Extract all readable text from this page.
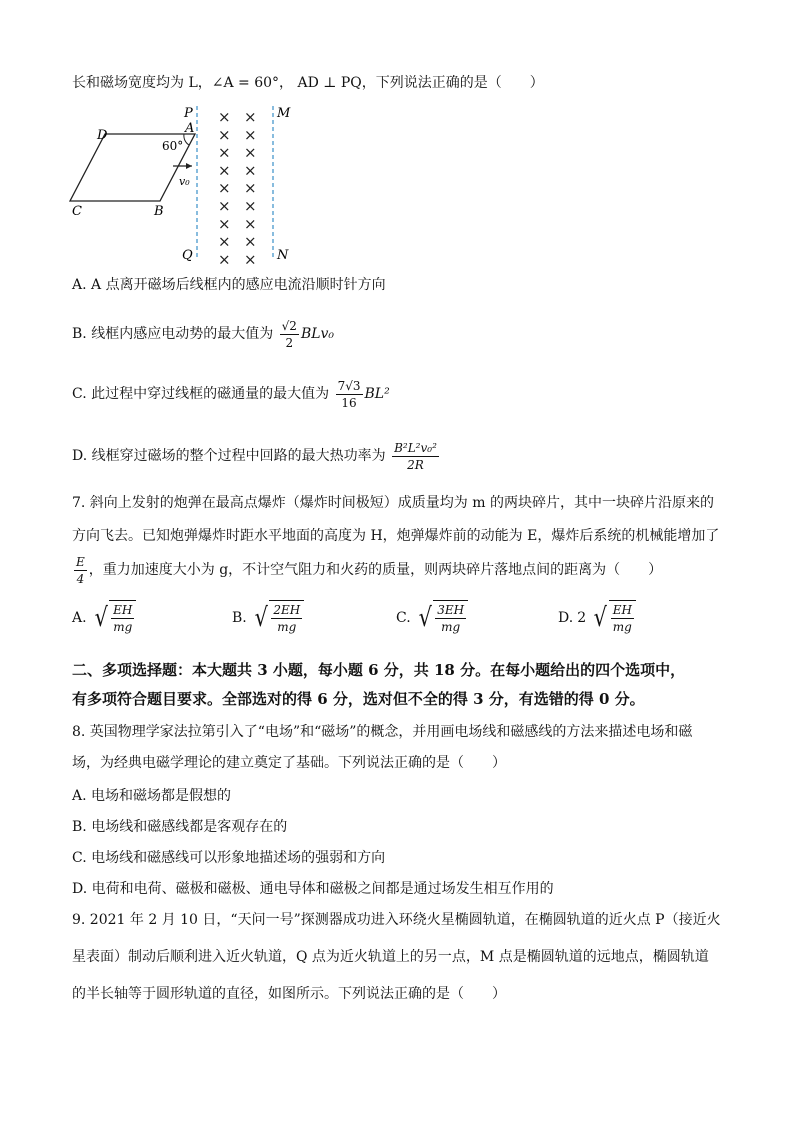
长和磁场宽度均为 L，∠A = 60°， AD ⊥ PQ，下列说法正确的是（　　）
P	M
Q	N
D	A
C	B
60°
v₀
× ×
× ×
× ×
× ×
× ×
× ×
× ×
× ×
× ×
A. A 点离开磁场后线框内的感应电流沿顺时针方向
B. 线框内感应电动势的最大值为 $\frac{√2}{2} BLv_0$
C. 此过程中穿过线框的磁通量的最大值为 $\frac{7√3}{16} BL^2$
D. 线框穿过磁场的整个过程中回路的最大热功率为 $\frac{\text{B²L²v₀²}}{2R}$
7. 斜向上发射的炮弹在最高点爆炸（爆炸时间极短）成质量均为 m 的两块碎片，其中一块碎片沿原来的
方向飞去。已知炮弹爆炸时距水平地面的高度为 H，炮弹爆炸前的动能为 E，爆炸后系统的机械能增加了
$\frac{E}{4}$ ，重力加速度大小为 g，不计空气阻力和火药的质量，则两块碎片落地点间的距离为（　　）
A. √ $\frac{EH}{mg}$	B. √ $\frac{2EH}{mg}$	C. √ $\frac{3EH}{mg}$	D. 2 √ $\frac{EH}{mg}$
二、多项选择题：本大题共 3 小题，每小题 6 分，共 18 分。在每小题给出的四个选项中，
有多项符合题目要求。全部选对的得 6 分，选对但不全的得 3 分，有选错的得 0 分。
8. 英国物理学家法拉第引入了“电场”和“磁场”的概念，并用画电场线和磁感线的方法来描述电场和磁
场，为经典电磁学理论的建立奠定了基础。下列说法正确的是（　　）
A. 电场和磁场都是假想的
B. 电场线和磁感线都是客观存在的
C. 电场线和磁感线可以形象地描述场的强弱和方向
D. 电荷和电荷、磁极和磁极、通电导体和磁极之间都是通过场发生相互作用的
9. 2021 年 2 月 10 日，“天问一号”探测器成功进入环绕火星椭圆轨道，在椭圆轨道的近火点 P（接近火
星表面）制动后顺利进入近火轨道，Q 点为近火轨道上的另一点，M 点是椭圆轨道的远地点，椭圆轨道
的半长轴等于圆形轨道的直径，如图所示。下列说法正确的是（　　）
